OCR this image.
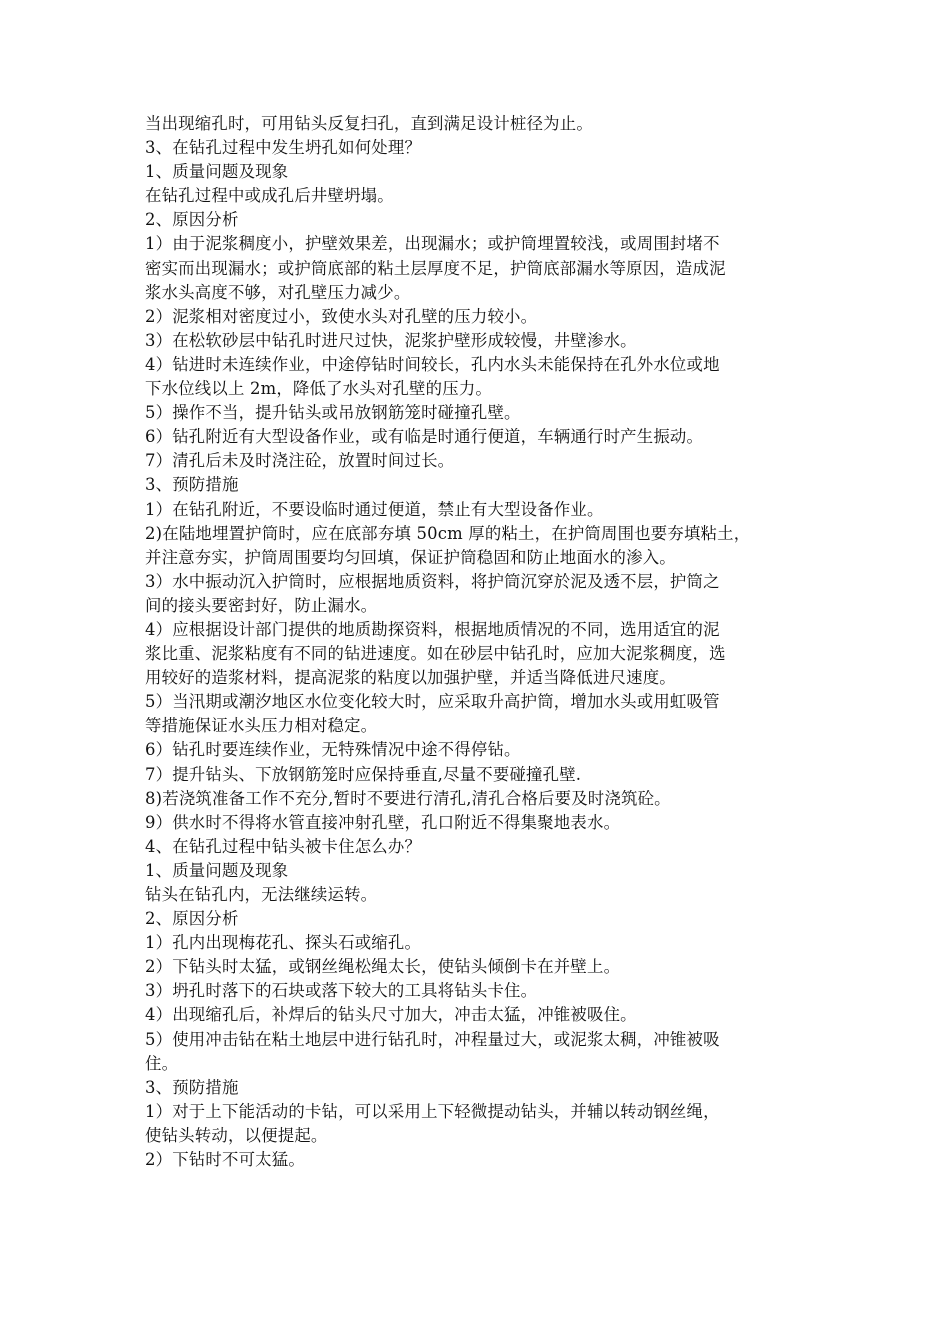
当出现缩孔时，可用钻头反复扫孔，直到满足设计桩径为止。
3、在钻孔过程中发生坍孔如何处理？
1、质量问题及现象
在钻孔过程中或成孔后井壁坍塌。
2、原因分析
1）由于泥浆稠度小，护壁效果差，出现漏水；或护筒埋置较浅，或周围封堵不
密实而出现漏水；或护筒底部的粘土层厚度不足，护筒底部漏水等原因，造成泥
浆水头高度不够，对孔壁压力减少。
2）泥浆相对密度过小，致使水头对孔壁的压力较小。
3）在松软砂层中钻孔时进尺过快，泥浆护壁形成较慢，井壁渗水。
4）钻进时未连续作业，中途停钻时间较长，孔内水头未能保持在孔外水位或地
下水位线以上 2m，降低了水头对孔壁的压力。
5）操作不当，提升钻头或吊放钢筋笼时碰撞孔壁。
6）钻孔附近有大型设备作业，或有临是时通行便道，车辆通行时产生振动。
7）清孔后未及时浇注砼，放置时间过长。
3、预防措施
1）在钻孔附近，不要设临时通过便道，禁止有大型设备作业。
2)在陆地埋置护筒时，应在底部夯填 50cm 厚的粘土，在护筒周围也要夯填粘土，
并注意夯实，护筒周围要均匀回填，保证护筒稳固和防止地面水的渗入。
3）水中振动沉入护筒时，应根据地质资料，将护筒沉穿於泥及透不层，护筒之
间的接头要密封好，防止漏水。
4）应根据设计部门提供的地质勘探资料，根据地质情况的不同，选用适宜的泥
浆比重、泥浆粘度有不同的钻进速度。如在砂层中钻孔时，应加大泥浆稠度，选
用较好的造浆材料，提高泥浆的粘度以加强护壁，并适当降低进尺速度。
5）当汛期或潮汐地区水位变化较大时，应采取升高护筒，增加水头或用虹吸管
等措施保证水头压力相对稳定。
6）钻孔时要连续作业，无特殊情况中途不得停钻。
7）提升钻头、下放钢筋笼时应保持垂直,尽量不要碰撞孔壁.
8)若浇筑准备工作不充分,暂时不要进行清孔,清孔合格后要及时浇筑砼。
9）供水时不得将水管直接冲射孔壁，孔口附近不得集聚地表水。
4、在钻孔过程中钻头被卡住怎么办？
1、质量问题及现象
钻头在钻孔内，无法继续运转。
2、原因分析
1）孔内出现梅花孔、探头石或缩孔。
2）下钻头时太猛，或钢丝绳松绳太长，使钻头倾倒卡在并壁上。
3）坍孔时落下的石块或落下较大的工具将钻头卡住。
4）出现缩孔后，补焊后的钻头尺寸加大，冲击太猛，冲锥被吸住。
5）使用冲击钻在粘土地层中进行钻孔时，冲程量过大，或泥浆太稠，冲锥被吸
住。
3、预防措施
1）对于上下能活动的卡钻，可以采用上下轻微提动钻头，并辅以转动钢丝绳，
使钻头转动，以便提起。
2）下钻时不可太猛。
